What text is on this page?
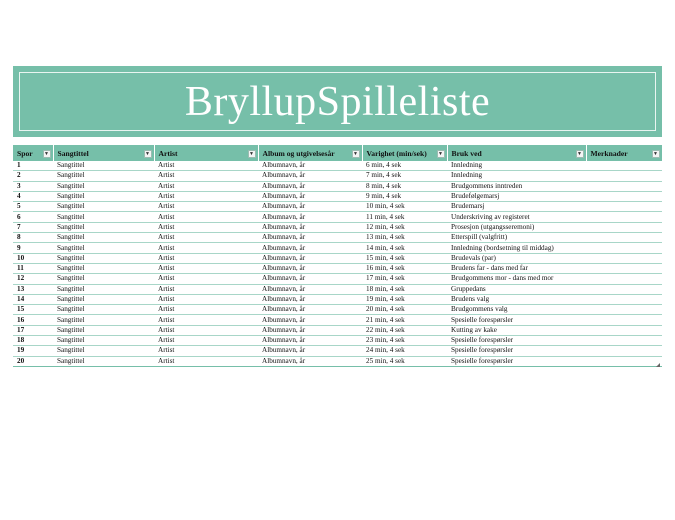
BryllupSpilleliste
Spor ▼	Sangtittel ▼	Artist ▼	Album og utgivelsesår ▼	Varighet (min/sek) ▼	Bruk ved ▼	Merknader ▼

1	Sangtittel	Artist	Albumnavn, år	6 min, 4 sek	Innledning	
2	Sangtittel	Artist	Albumnavn, år	7 min, 4 sek	Innledning	
3	Sangtittel	Artist	Albumnavn, år	8 min, 4 sek	Brudgommens inntreden	
4	Sangtittel	Artist	Albumnavn, år	9 min, 4 sek	Brudefølgemarsj	
5	Sangtittel	Artist	Albumnavn, år	10 min, 4 sek	Brudemarsj	
6	Sangtittel	Artist	Albumnavn, år	11 min, 4 sek	Underskriving av registeret	
7	Sangtittel	Artist	Albumnavn, år	12 min, 4 sek	Prosesjon (utgangsseremoni)	
8	Sangtittel	Artist	Albumnavn, år	13 min, 4 sek	Etterspill (valgfritt)	
9	Sangtittel	Artist	Albumnavn, år	14 min, 4 sek	Innledning (bordsetning til middag)	
10	Sangtittel	Artist	Albumnavn, år	15 min, 4 sek	Brudevals (par)	
11	Sangtittel	Artist	Albumnavn, år	16 min, 4 sek	Brudens far - dans med far	
12	Sangtittel	Artist	Albumnavn, år	17 min, 4 sek	Brudgommens mor - dans med mor	
13	Sangtittel	Artist	Albumnavn, år	18 min, 4 sek	Gruppedans	
14	Sangtittel	Artist	Albumnavn, år	19 min, 4 sek	Brudens valg	
15	Sangtittel	Artist	Albumnavn, år	20 min, 4 sek	Brudgommens valg	
16	Sangtittel	Artist	Albumnavn, år	21 min, 4 sek	Spesielle forespørsler	
17	Sangtittel	Artist	Albumnavn, år	22 min, 4 sek	Kutting av kake	
18	Sangtittel	Artist	Albumnavn, år	23 min, 4 sek	Spesielle forespørsler	
19	Sangtittel	Artist	Albumnavn, år	24 min, 4 sek	Spesielle forespørsler	
20	Sangtittel	Artist	Albumnavn, år	25 min, 4 sek	Spesielle forespørsler	
